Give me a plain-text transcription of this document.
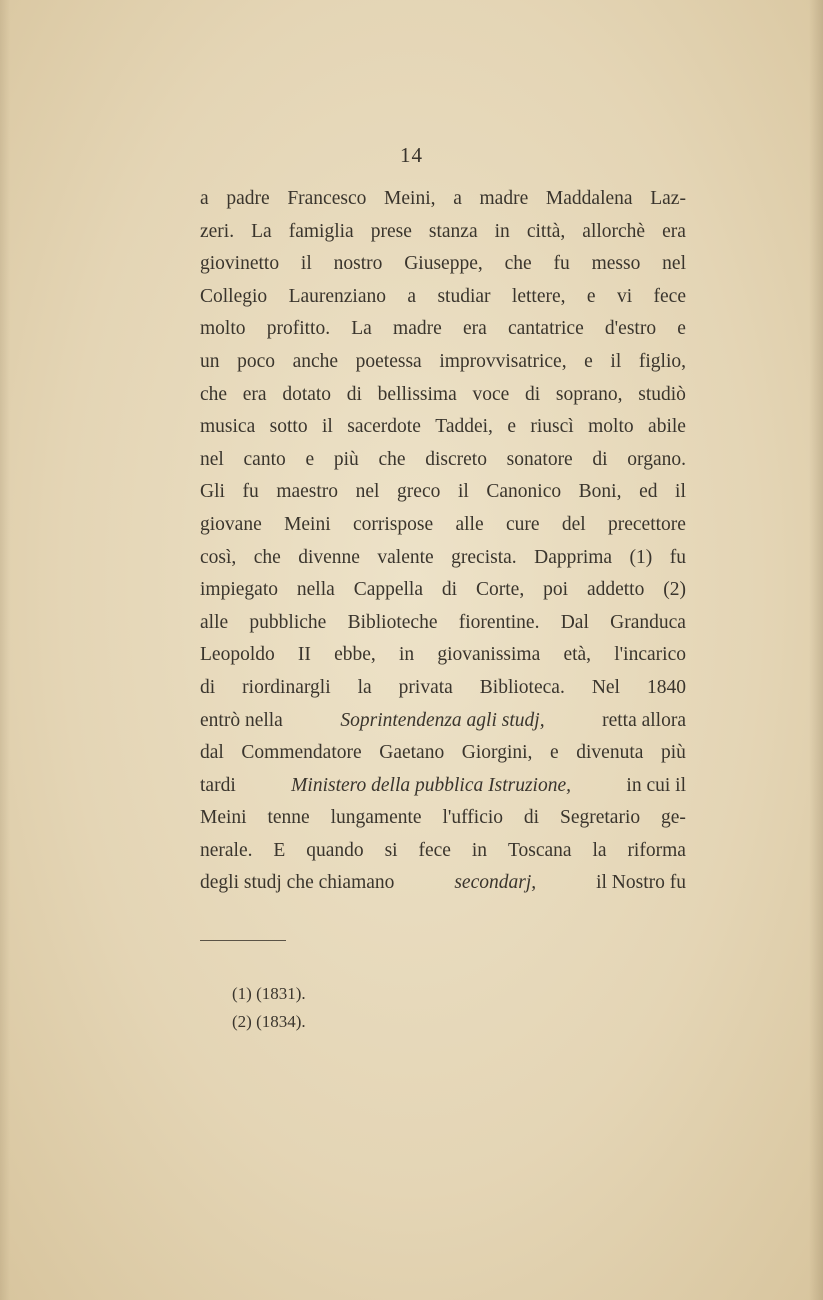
14
a padre Francesco Meini, a madre Maddalena Laz-
zeri. La famiglia prese stanza in città, allorchè era
giovinetto il nostro Giuseppe, che fu messo nel
Collegio Laurenziano a studiar lettere, e vi fece
molto profitto. La madre era cantatrice d'estro e
un poco anche poetessa improvvisatrice, e il figlio,
che era dotato di bellissima voce di soprano, studiò
musica sotto il sacerdote Taddei, e riuscì molto abile
nel canto e più che discreto sonatore di organo.
Gli fu maestro nel greco il Canonico Boni, ed il
giovane Meini corrispose alle cure del precettore
così, che divenne valente grecista. Dapprima (1) fu
impiegato nella Cappella di Corte, poi addetto (2)
alle pubbliche Biblioteche fiorentine. Dal Granduca
Leopoldo II ebbe, in giovanissima età, l'incarico
di riordinargli la privata Biblioteca. Nel 1840
entrò nella	Soprintendenza agli studj,	retta allora
dal Commendatore Gaetano Giorgini, e divenuta più
tardi	Ministero della pubblica Istruzione,	in cui il
Meini tenne lungamente l'ufficio di Segretario ge-
nerale. E quando si fece in Toscana la riforma
degli studj che chiamano	secondarj,	il Nostro fu
(1) (1831).
(2) (1834).
